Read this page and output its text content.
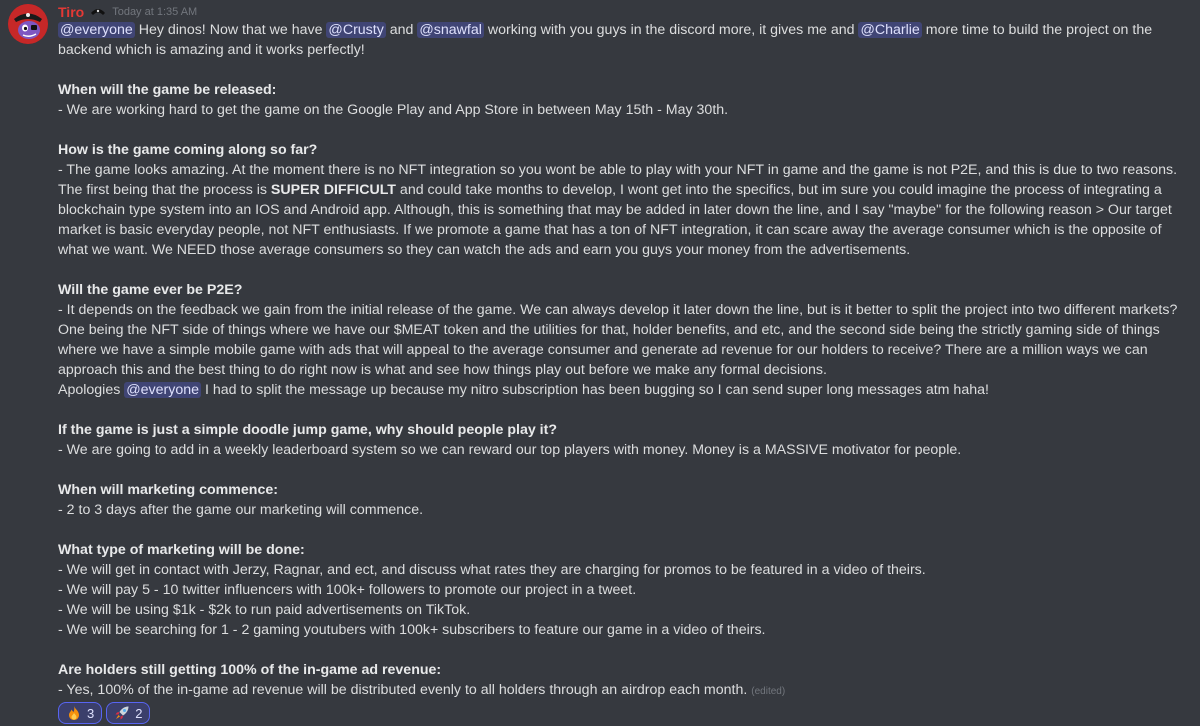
Tiro	Today at 1:35 AM
@everyone Hey dinos! Now that we have @Crusty and @snawfal working with you guys in the discord more, it gives me and @Charlie more time to build the project on the backend which is amazing and it works perfectly!

When will the game be released:
- We are working hard to get the game on the Google Play and App Store in between May 15th - May 30th.

How is the game coming along so far?
- The game looks amazing. At the moment there is no NFT integration so you wont be able to play with your NFT in game and the game is not P2E, and this is due to two reasons. The first being that the process is SUPER DIFFICULT and could take months to develop, I wont get into the specifics, but im sure you could imagine the process of integrating a blockchain type system into an IOS and Android app. Although, this is something that may be added in later down the line, and I say "maybe" for the following reason > Our target market is basic everyday people, not NFT enthusiasts. If we promote a game that has a ton of NFT integration, it can scare away the average consumer which is the opposite of what we want. We NEED those average consumers so they can watch the ads and earn you guys your money from the advertisements.

Will the game ever be P2E?
- It depends on the feedback we gain from the initial release of the game. We can always develop it later down the line, but is it better to split the project into two different markets? One being the NFT side of things where we have our $MEAT token and the utilities for that, holder benefits, and etc, and the second side being the strictly gaming side of things where we have a simple mobile game with ads that will appeal to the average consumer and generate ad revenue for our holders to receive? There are a million ways we can approach this and the best thing to do right now is what and see how things play out before we make any formal decisions.
Apologies @everyone I had to split the message up because my nitro subscription has been bugging so I can send super long messages atm haha!

If the game is just a simple doodle jump game, why should people play it?
- We are going to add in a weekly leaderboard system so we can reward our top players with money. Money is a MASSIVE motivator for people.

When will marketing commence:
- 2 to 3 days after the game our marketing will commence.

What type of marketing will be done:
- We will get in contact with Jerzy, Ragnar, and ect, and discuss what rates they are charging for promos to be featured in a video of theirs.
- We will pay 5 - 10 twitter influencers with 100k+ followers to promote our project in a tweet.
- We will be using $1k - $2k to run paid advertisements on TikTok.
- We will be searching for 1 - 2 gaming youtubers with 100k+ subscribers to feature our game in a video of theirs.

Are holders still getting 100% of the in-game ad revenue:
- Yes, 100% of the in-game ad revenue will be distributed evenly to all holders through an airdrop each month. (edited)
3	2
